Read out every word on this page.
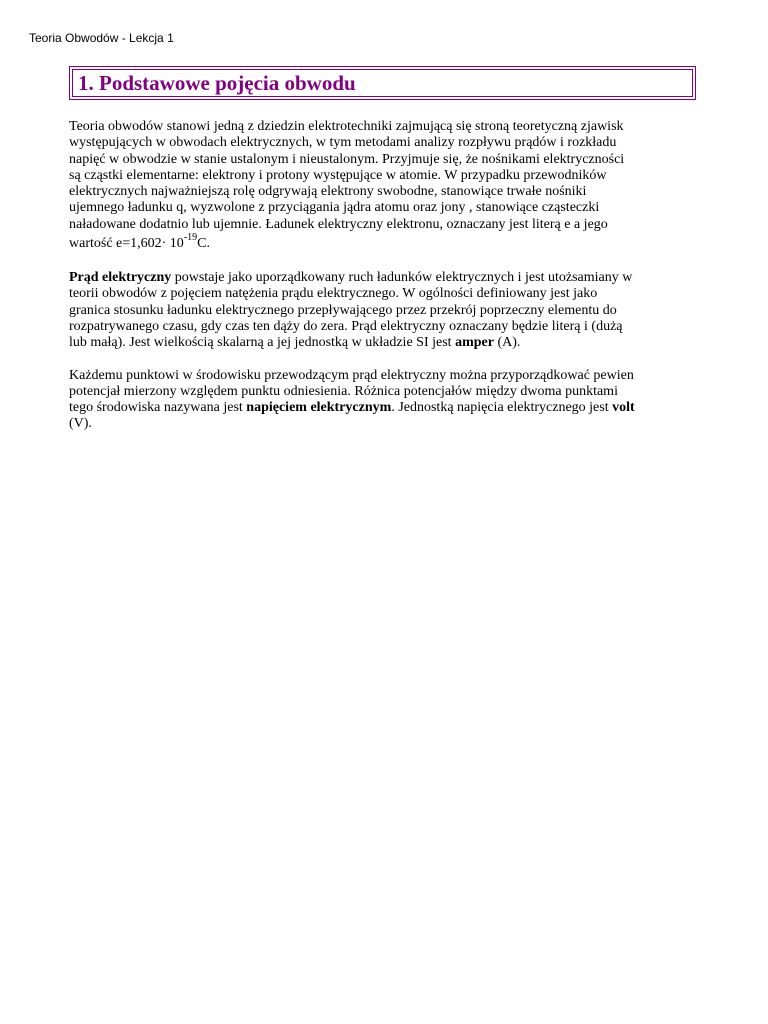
Teoria Obwodów - Lekcja 1
1. Podstawowe pojęcia obwodu
Teoria obwodów stanowi jedną z dziedzin elektrotechniki zajmującą się stroną teoretyczną zjawisk
występujących w obwodach elektrycznych, w tym metodami analizy rozpływu prądów i rozkładu
napięć w obwodzie w stanie ustalonym i nieustalonym. Przyjmuje się, że nośnikami elektryczności
są cząstki elementarne: elektrony i protony występujące w atomie. W przypadku przewodników
elektrycznych najważniejszą rolę odgrywają elektrony swobodne, stanowiące trwałe nośniki
ujemnego ładunku q, wyzwolone z przyciągania jądra atomu oraz jony , stanowiące cząsteczki
naładowane dodatnio lub ujemnie. Ładunek elektryczny elektronu, oznaczany jest literą e a jego
wartość $e=1,602\cdot 10^{-19}C$.
Prąd elektryczny powstaje jako uporządkowany ruch ładunków elektrycznych i jest utożsamiany w
teorii obwodów z pojęciem natężenia prądu elektrycznego. W ogólności definiowany jest jako
granica stosunku ładunku elektrycznego przepływającego przez przekrój poprzeczny elementu do
rozpatrywanego czasu, gdy czas ten dąży do zera. Prąd elektryczny oznaczany będzie literą i (dużą
lub małą). Jest wielkością skalarną a jej jednostką w układzie SI jest amper (A).
Każdemu punktowi w środowisku przewodzącym prąd elektryczny można przyporządkować pewien
potencjał mierzony względem punktu odniesienia. Różnica potencjałów między dwoma punktami
tego środowiska nazywana jest napięciem elektrycznym. Jednostką napięcia elektrycznego jest volt
(V).
